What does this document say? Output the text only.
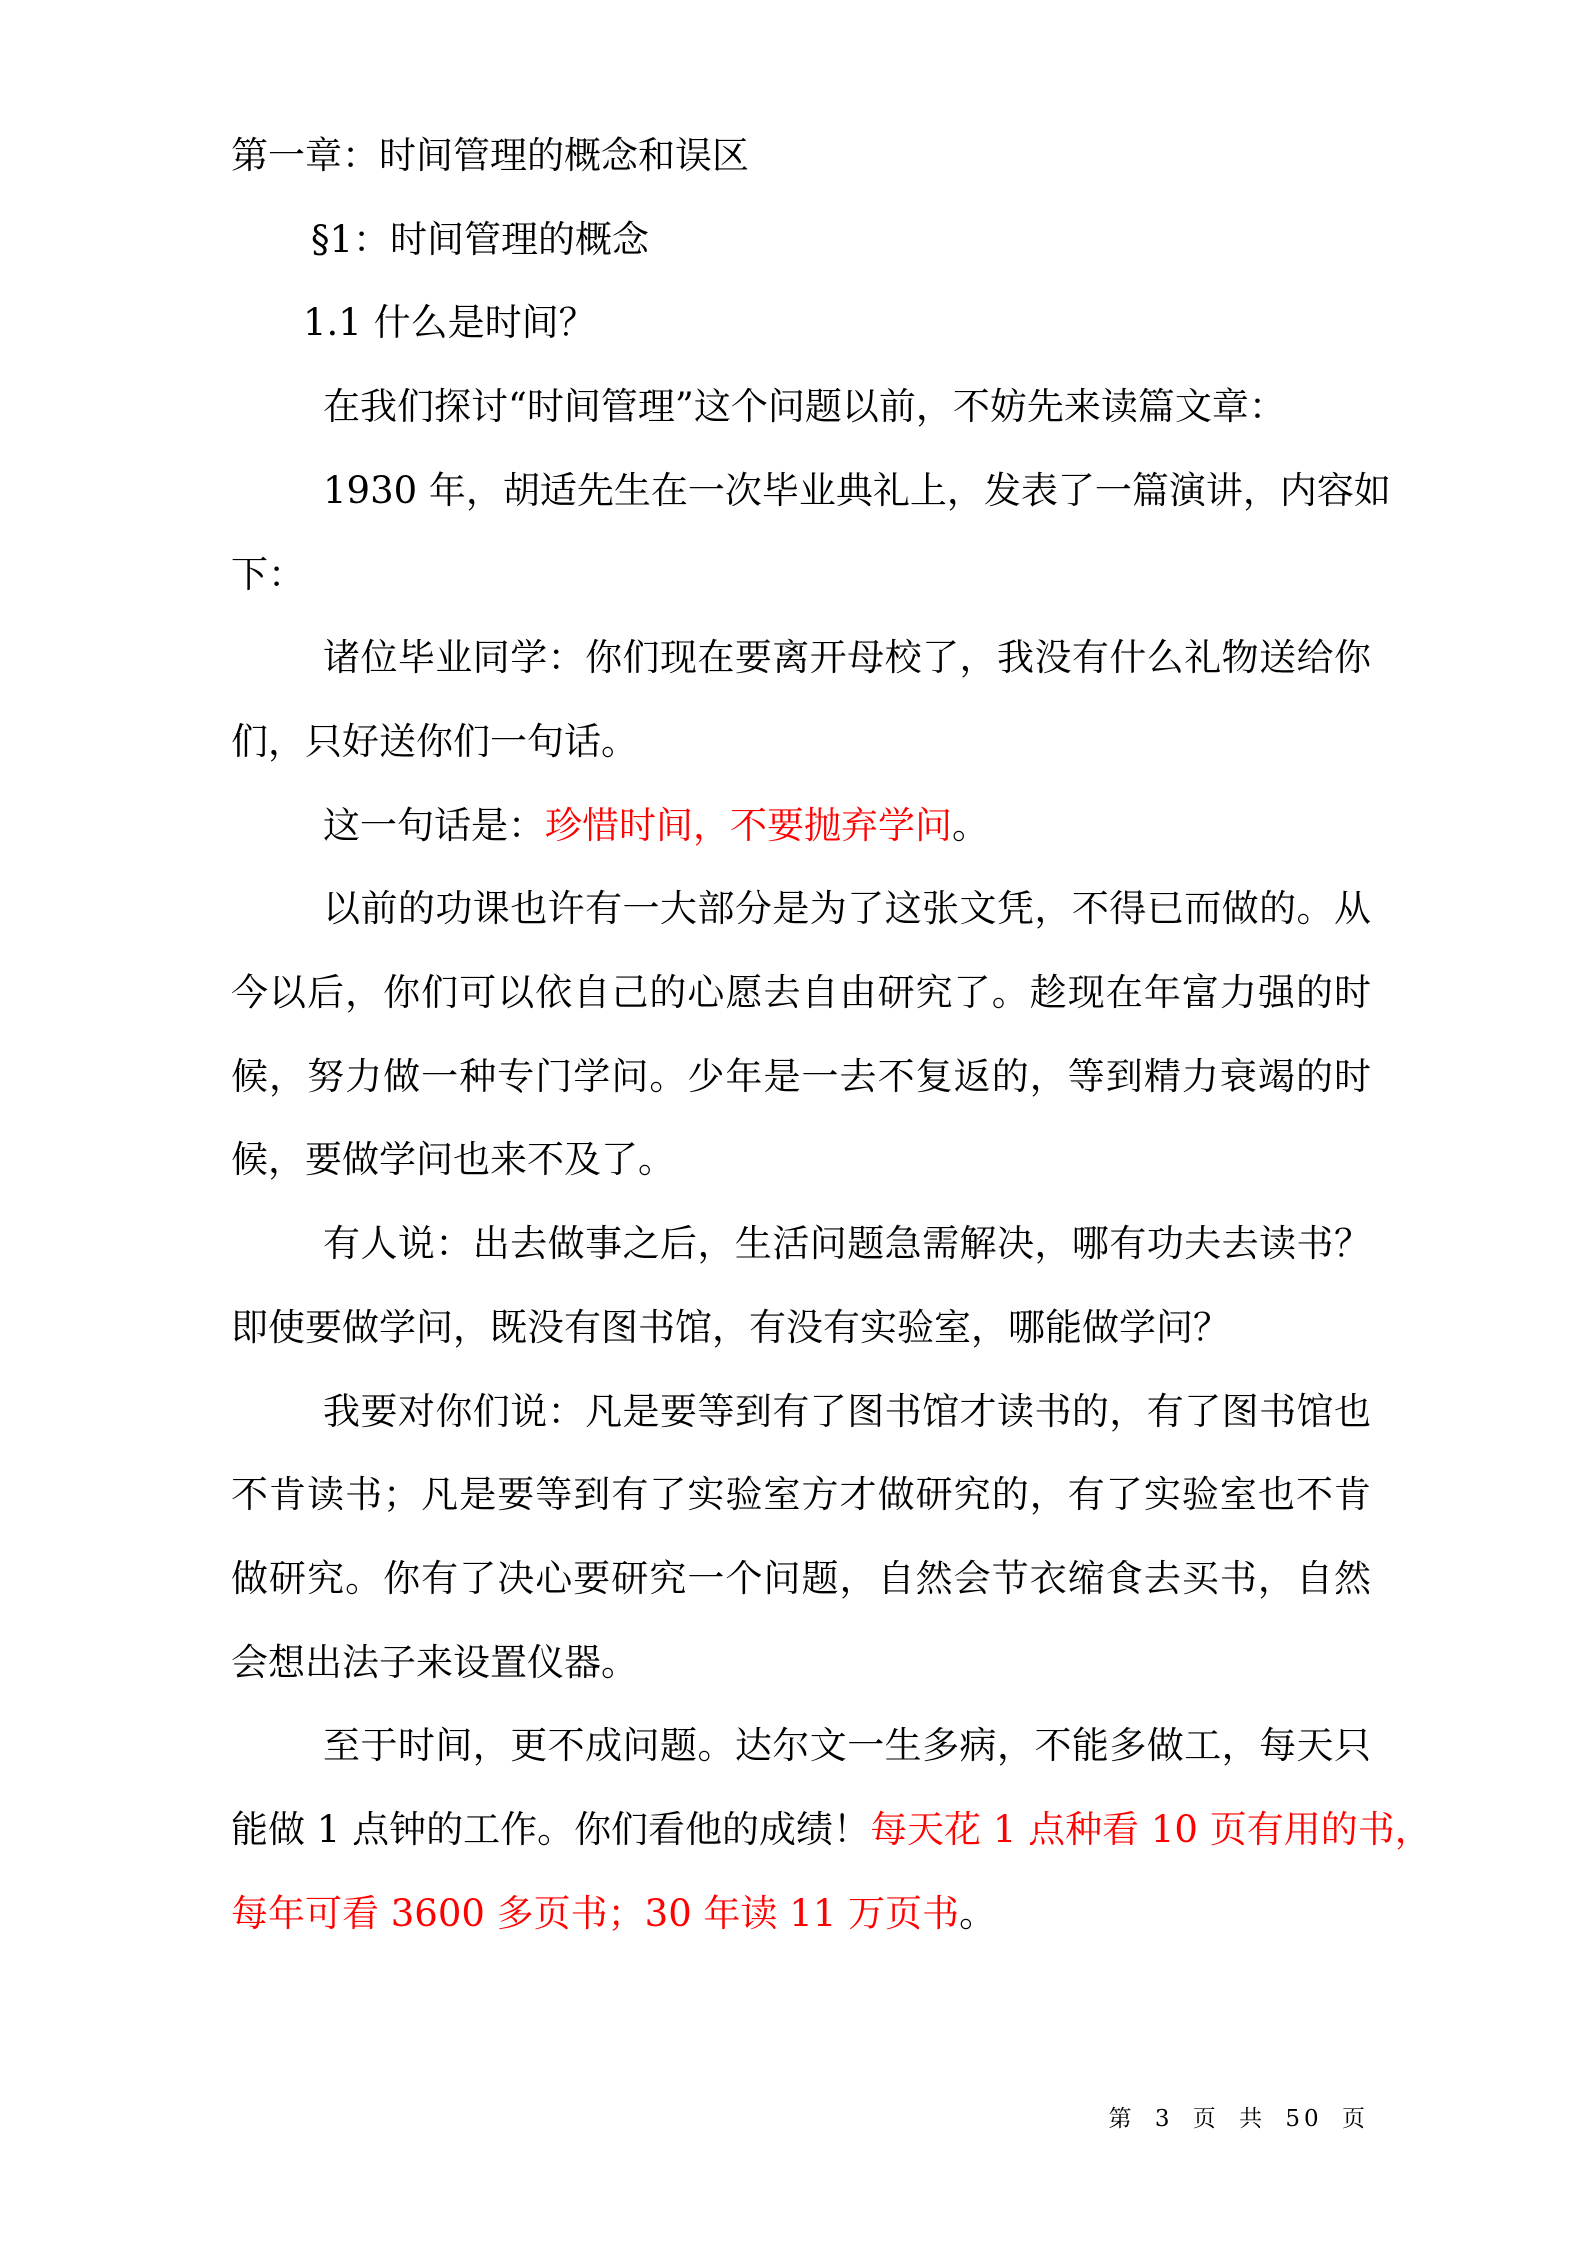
第一章：时间管理的概念和误区
§1：时间管理的概念
1.1 什么是时间？
在我们探讨“时间管理”这个问题以前，不妨先来读篇文章：
1930 年，胡适先生在一次毕业典礼上，发表了一篇演讲，内容如
下：
诸位毕业同学：你们现在要离开母校了，我没有什么礼物送给你
们，只好送你们一句话。
这一句话是：珍惜时间，不要抛弃学问。
以前的功课也许有一大部分是为了这张文凭，不得已而做的。从
今以后，你们可以依自己的心愿去自由研究了。趁现在年富力强的时
候，努力做一种专门学问。少年是一去不复返的，等到精力衰竭的时
候，要做学问也来不及了。
有人说：出去做事之后，生活问题急需解决，哪有功夫去读书？
即使要做学问，既没有图书馆，有没有实验室，哪能做学问？
我要对你们说：凡是要等到有了图书馆才读书的，有了图书馆也
不肯读书；凡是要等到有了实验室方才做研究的，有了实验室也不肯
做研究。你有了决心要研究一个问题，自然会节衣缩食去买书，自然
会想出法子来设置仪器。
至于时间，更不成问题。达尔文一生多病，不能多做工，每天只
能做 1 点钟的工作。你们看他的成绩！每天花 1 点种看 10 页有用的书，
每年可看 3600 多页书；30 年读 11 万页书。
第 3 页 共 50 页
